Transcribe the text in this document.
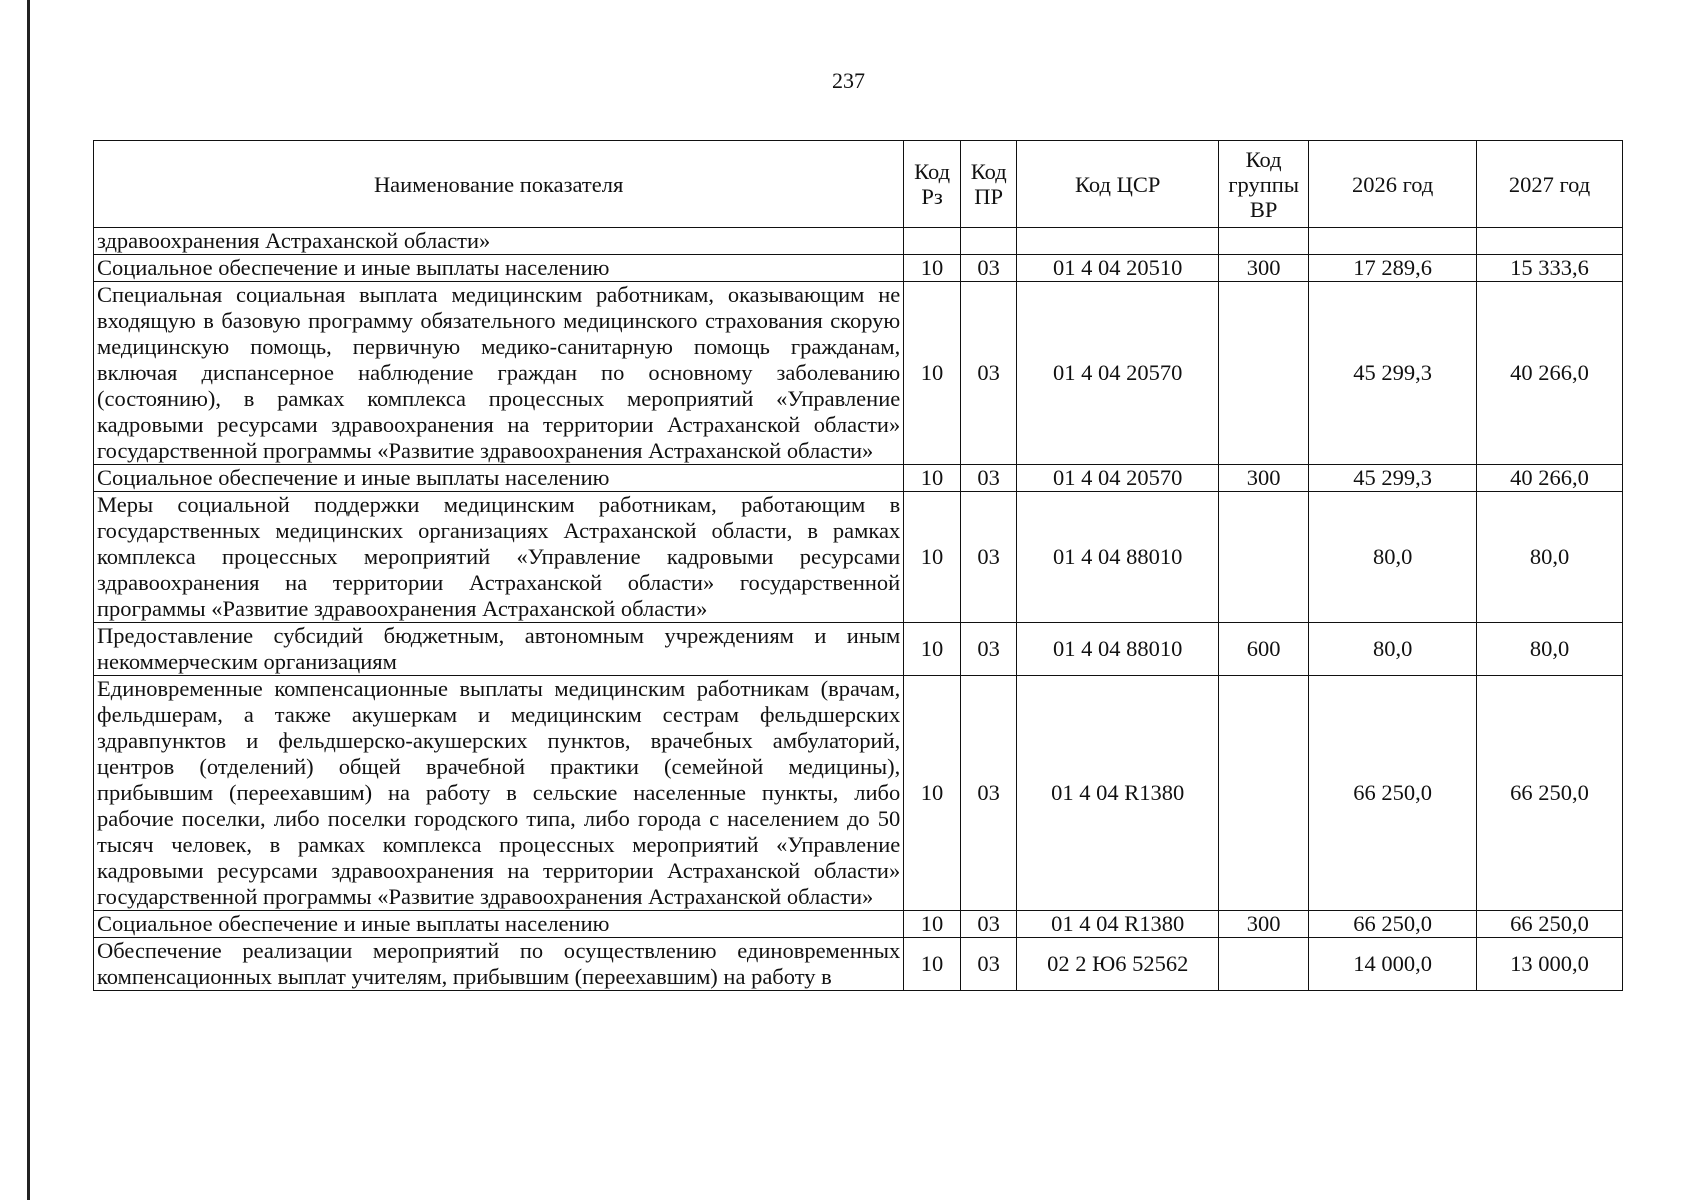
237
Наименование показателя	Код Рз	Код ПР	Код ЦСР	Код группы ВР	2026 год	2027 год
здравоохранения Астраханской области»						
Социальное обеспечение и иные выплаты населению	10	03	01 4 04 20510	300	17 289,6	15 333,6
Специальная социальная выплата медицинским работникам, оказывающим не входящую в базовую программу обязательного медицинского страхования скорую медицинскую помощь, первичную медико-санитарную помощь гражданам, включая диспансерное наблюдение граждан по основному заболеванию (состоянию), в рамках комплекса процессных мероприятий «Управление кадровыми ресурсами здравоохранения на территории Астраханской области» государственной программы «Развитие здравоохранения Астраханской области»	10	03	01 4 04 20570		45 299,3	40 266,0
Социальное обеспечение и иные выплаты населению	10	03	01 4 04 20570	300	45 299,3	40 266,0
Меры социальной поддержки медицинским работникам, работающим в государственных медицинских организациях Астраханской области, в рамках комплекса процессных мероприятий «Управление кадровыми ресурсами здравоохранения на территории Астраханской области» государственной программы «Развитие здравоохранения Астраханской области»	10	03	01 4 04 88010		80,0	80,0
Предоставление субсидий бюджетным, автономным учреждениям и иным некоммерческим организациям	10	03	01 4 04 88010	600	80,0	80,0
Единовременные компенсационные выплаты медицинским работникам (врачам, фельдшерам, а также акушеркам и медицинским сестрам фельдшерских здравпунктов и фельдшерско-акушерских пунктов, врачебных амбулаторий, центров (отделений) общей врачебной практики (семейной медицины), прибывшим (переехавшим) на работу в сельские населенные пункты, либо рабочие поселки, либо поселки городского типа, либо города с населением до 50 тысяч человек, в рамках комплекса процессных мероприятий «Управление кадровыми ресурсами здравоохранения на территории Астраханской области» государственной программы «Развитие здравоохранения Астраханской области»	10	03	01 4 04 R1380		66 250,0	66 250,0
Социальное обеспечение и иные выплаты населению	10	03	01 4 04 R1380	300	66 250,0	66 250,0
Обеспечение реализации мероприятий по осуществлению единовременных компенсационных выплат учителям, прибывшим (переехавшим) на работу в	10	03	02 2 Ю6 52562		14 000,0	13 000,0
